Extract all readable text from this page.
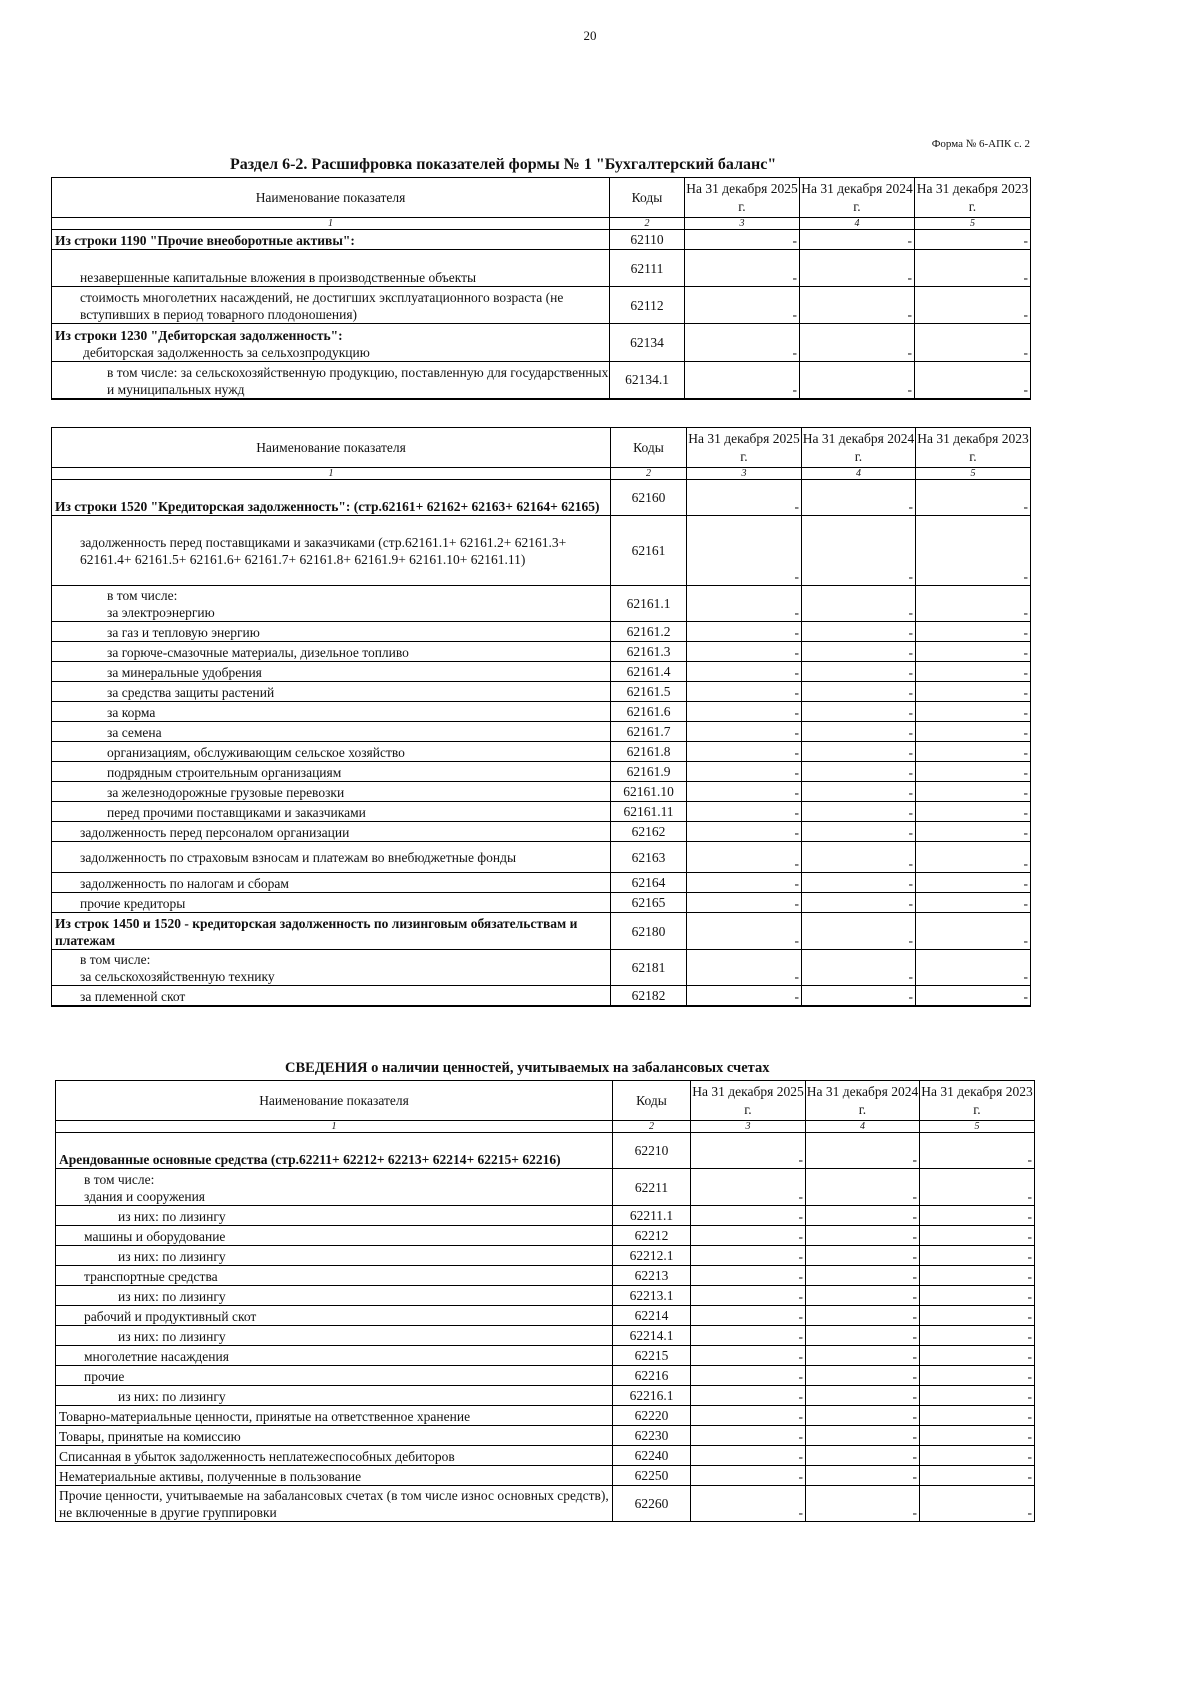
20
Форма № 6-АПК с. 2
Раздел 6-2. Расшифровка показателей формы № 1 "Бухгалтерский баланс"
Наименование показателя	Коды	На 31 декабря 2025 г.	На 31 декабря 2024 г.	На 31 декабря 2023 г.
1	2	3	4	5
Из строки 1190 "Прочие внеоборотные активы":	62110	-	-	-
незавершенные капитальные вложения в производственные объекты	62111	-	-	-
стоимость многолетних насаждений, не достигших эксплуатационного возраста (не вступивших в период товарного плодоношения)	62112	-	-	-

Из строки 1230 "Дебиторская задолженность":
дебиторская задолженность за сельхозпродукцию	62134	-	-	-
в том числе: за сельскохозяйственную продукцию, поставленную для государственных и муниципальных нужд	62134.1	-	-	-
Наименование показателя	Коды	На 31 декабря 2025 г.	На 31 декабря 2024 г.	На 31 декабря 2023 г.
1	2	3	4	5
Из строки 1520 "Кредиторская задолженность": (стр.62161+ 62162+ 62163+ 62164+ 62165)	62160	-	-	-
задолженность перед поставщиками и заказчиками (стр.62161.1+ 62161.2+ 62161.3+ 62161.4+ 62161.5+ 62161.6+ 62161.7+ 62161.8+ 62161.9+ 62161.10+ 62161.11)	62161	-	-	-

в том числе:
за электроэнергию	62161.1	-	-	-
за газ и тепловую энергию	62161.2	-	-	-
за горюче-смазочные материалы, дизельное топливо	62161.3	-	-	-
за минеральные удобрения	62161.4	-	-	-
за средства защиты растений	62161.5	-	-	-
за корма	62161.6	-	-	-
за семена	62161.7	-	-	-
организациям, обслуживающим сельское хозяйство	62161.8	-	-	-
подрядным строительным организациям	62161.9	-	-	-
за железнодорожные грузовые перевозки	62161.10	-	-	-
перед прочими поставщиками и заказчиками	62161.11	-	-	-
задолженность перед персоналом организации	62162	-	-	-
задолженность по страховым взносам и платежам во внебюджетные фонды	62163	-	-	-
задолженность по налогам и сборам	62164	-	-	-
прочие кредиторы	62165	-	-	-
Из строк 1450 и 1520 - кредиторская задолженность по лизинговым обязательствам и платежам	62180	-	-	-

в том числе:
за сельскохозяйственную технику	62181	-	-	-
за племенной скот	62182	-	-	-
СВЕДЕНИЯ о наличии ценностей, учитываемых на забалансовых счетах
Наименование показателя	Коды	На 31 декабря 2025 г.	На 31 декабря 2024 г.	На 31 декабря 2023 г.
1	2	3	4	5
Арендованные основные средства (стр.62211+ 62212+ 62213+ 62214+ 62215+ 62216)	62210	-	-	-

в том числе:
здания и сооружения	62211	-	-	-
из них: по лизингу	62211.1	-	-	-
машины и оборудование	62212	-	-	-
из них: по лизингу	62212.1	-	-	-
транспортные средства	62213	-	-	-
из них: по лизингу	62213.1	-	-	-
рабочий и продуктивный скот	62214	-	-	-
из них: по лизингу	62214.1	-	-	-
многолетние насаждения	62215	-	-	-
прочие	62216	-	-	-
из них: по лизингу	62216.1	-	-	-
Товарно-материальные ценности, принятые на ответственное хранение	62220	-	-	-
Товары, принятые на комиссию	62230	-	-	-
Списанная в убыток задолженность неплатежеспособных дебиторов	62240	-	-	-
Нематериальные активы, полученные в пользование	62250	-	-	-
Прочие ценности, учитываемые на забалансовых счетах (в том числе износ основных средств), не включенные в другие группировки	62260	-	-	-
